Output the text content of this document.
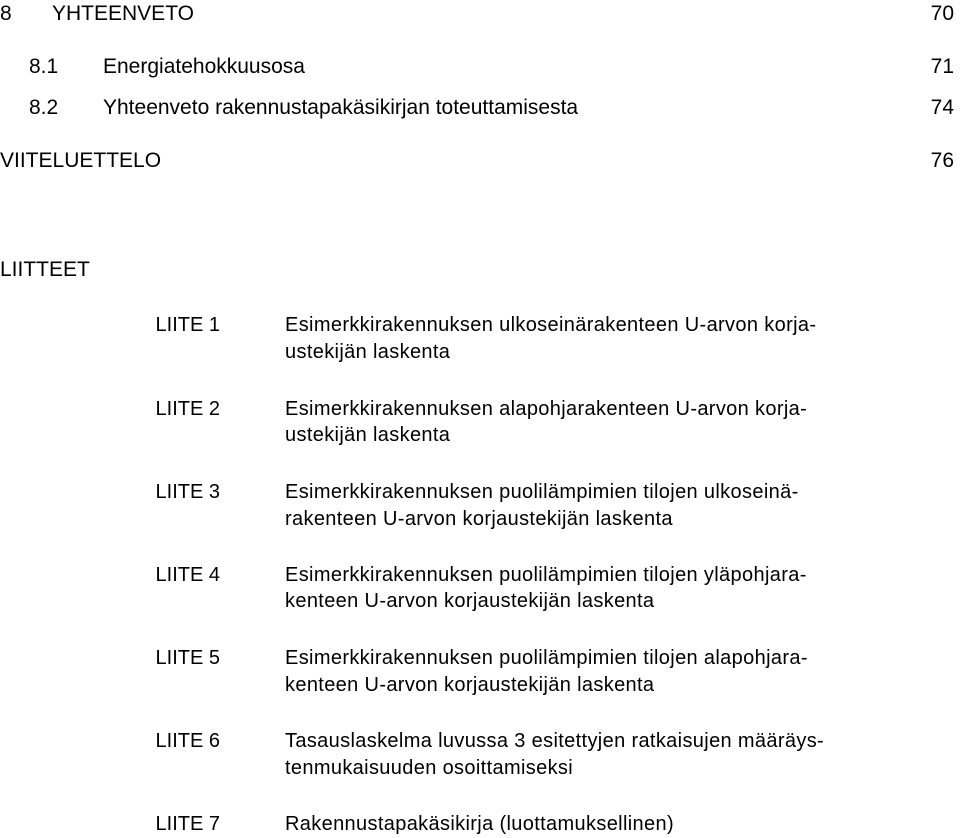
8 YHTEENVETO	70
8.1 Energiatehokkuusosa	71
8.2 Yhteenveto rakennustapakäsikirjan toteuttamisesta	74
VIITELUETTELO	76
LIITTEET
LIITE 1	Esimerkkirakennuksen ulkoseinärakenteen U-arvon korja-
ustekijän laskenta
LIITE 2	Esimerkkirakennuksen alapohjarakenteen U-arvon korja-
ustekijän laskenta
LIITE 3	Esimerkkirakennuksen puolilämpimien tilojen ulkoseinä-
rakenteen U-arvon korjaustekijän laskenta
LIITE 4	Esimerkkirakennuksen puolilämpimien tilojen yläpohjara-
kenteen U-arvon korjaustekijän laskenta
LIITE 5	Esimerkkirakennuksen puolilämpimien tilojen alapohjara-
kenteen U-arvon korjaustekijän laskenta
LIITE 6	Tasauslaskelma luvussa 3 esitettyjen ratkaisujen määräys-
tenmukaisuuden osoittamiseksi
LIITE 7	Rakennustapakäsikirja (luottamuksellinen)
